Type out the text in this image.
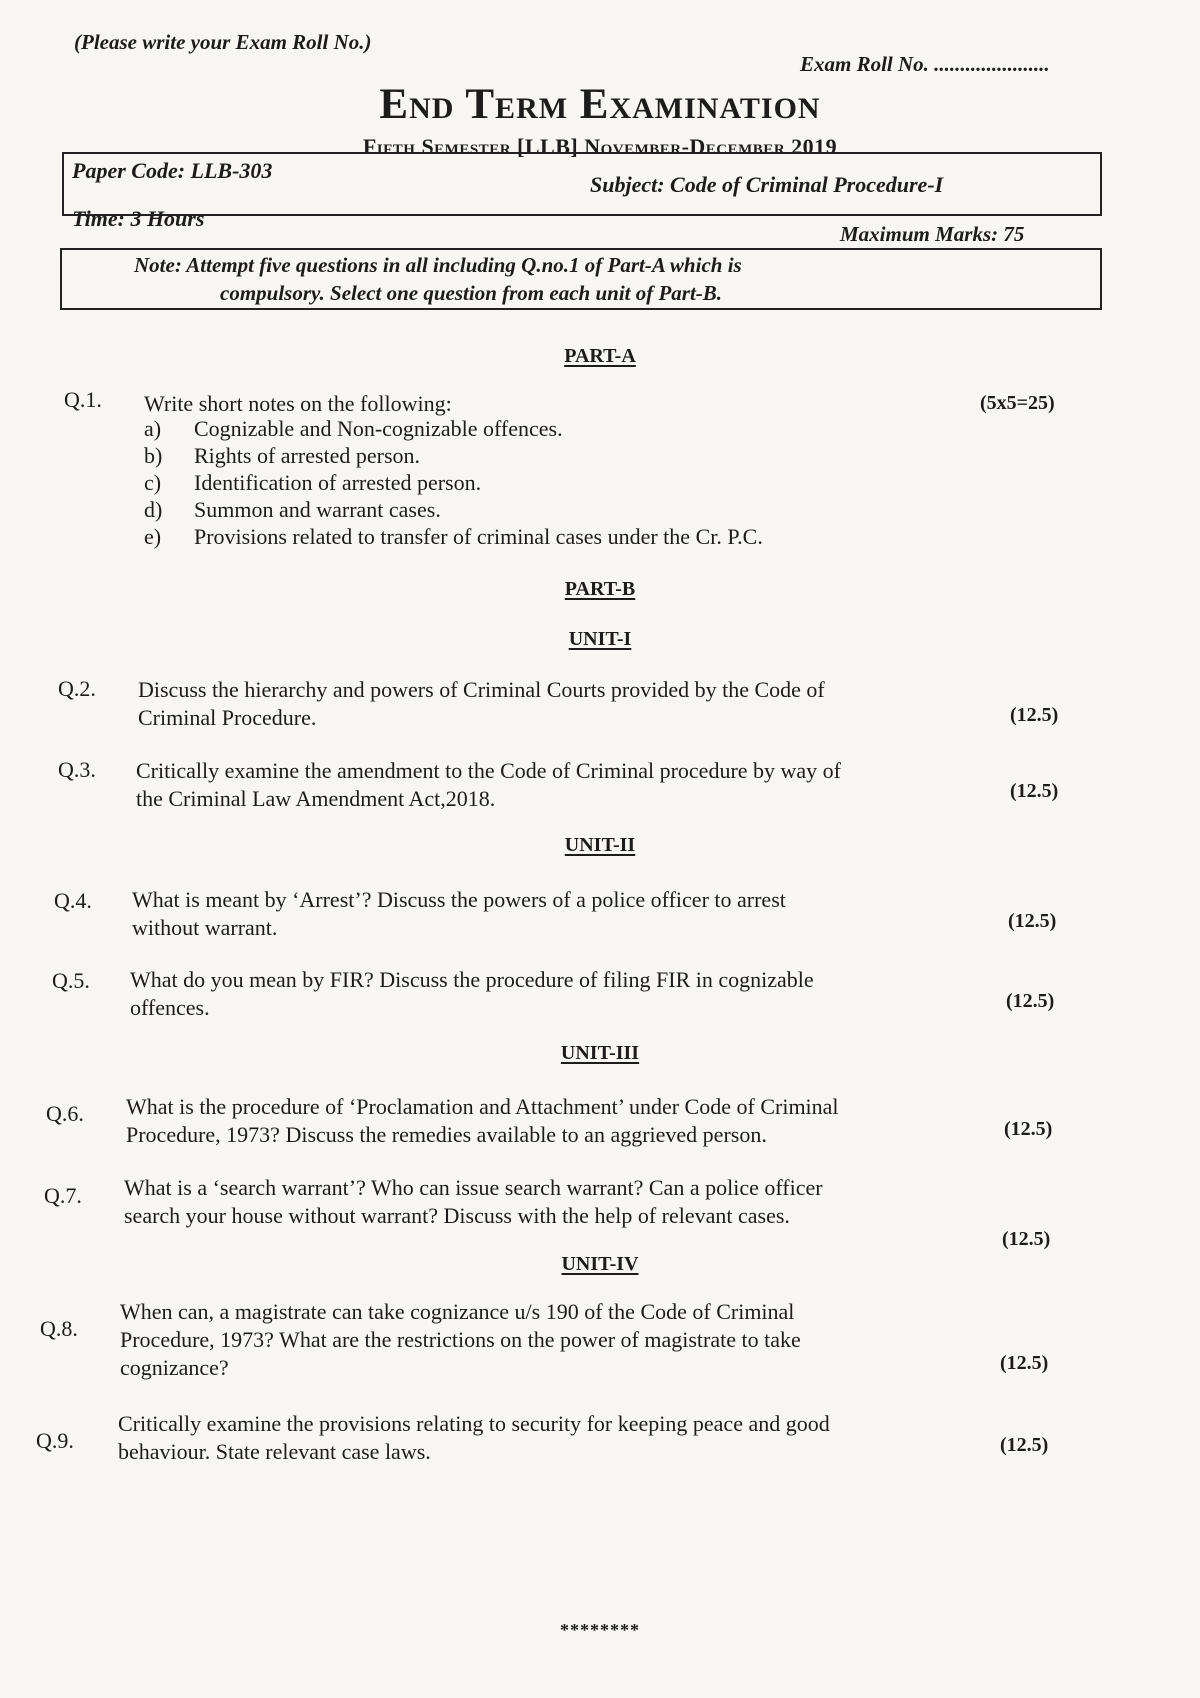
(Please write your Exam Roll No.)
Exam Roll No. ......................
End Term Examination
Fifth Semester [LLB] November-December 2019
Paper Code: LLB-303
Subject: Code of Criminal Procedure-I
Time: 3 Hours
Maximum Marks: 75
Note: Attempt five questions in all including Q.no.1 of Part-A which is
compulsory. Select one question from each unit of Part-B.
PART-A
Q.1. Write short notes on the following:	(5x5=25)
a) Cognizable and Non-cognizable offences.
b) Rights of arrested person.
c) Identification of arrested person.
d) Summon and warrant cases.
e) Provisions related to transfer of criminal cases under the Cr. P.C.
PART-B
UNIT-I
Q.2. Discuss the hierarchy and powers of Criminal Courts provided by the Code of
Criminal Procedure.	(12.5)
Q.3. Critically examine the amendment to the Code of Criminal procedure by way of
the Criminal Law Amendment Act,2018.	(12.5)
UNIT-II
Q.4. What is meant by ‘Arrest’? Discuss the powers of a police officer to arrest
without warrant.	(12.5)
Q.5. What do you mean by FIR? Discuss the procedure of filing FIR in cognizable
offences.	(12.5)
UNIT-III
Q.6. What is the procedure of ‘Proclamation and Attachment’ under Code of Criminal
Procedure, 1973? Discuss the remedies available to an aggrieved person.	(12.5)
Q.7. What is a ‘search warrant’? Who can issue search warrant? Can a police officer
search your house without warrant? Discuss with the help of relevant cases.
(12.5)
UNIT-IV
Q.8.
When can, a magistrate can take cognizance u/s 190 of the Code of Criminal
Procedure, 1973? What are the restrictions on the power of magistrate to take
cognizance?	(12.5)
Q.9.
Critically examine the provisions relating to security for keeping peace and good
behaviour. State relevant case laws.	(12.5)
********
